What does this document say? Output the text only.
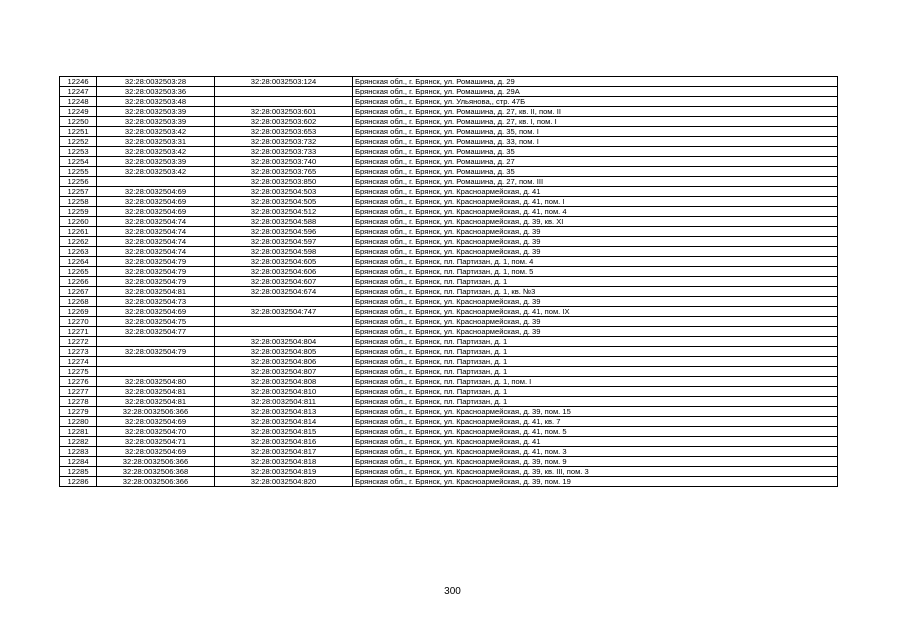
12246	32:28:0032503:28	32:28:0032503:124	Брянская обл., г. Брянск, ул. Ромашина, д. 29
12247	32:28:0032503:36		Брянская обл., г. Брянск, ул. Ромашина, д. 29А
12248	32:28:0032503:48		Брянская обл., г. Брянск, ул. Ульянова,, стр. 47Б
12249	32:28:0032503:39	32:28:0032503:601	Брянская обл., г. Брянск, ул. Ромашина, д. 27, кв. II, пом. II
12250	32:28:0032503:39	32:28:0032503:602	Брянская обл., г. Брянск, ул. Ромашина, д. 27, кв. I, пом. I
12251	32:28:0032503:42	32:28:0032503:653	Брянская обл., г. Брянск, ул. Ромашина, д. 35, пом. I
12252	32:28:0032503:31	32:28:0032503:732	Брянская обл., г. Брянск, ул. Ромашина, д. 33, пом. I
12253	32:28:0032503:42	32:28:0032503:733	Брянская обл., г. Брянск, ул. Ромашина, д. 35
12254	32:28:0032503:39	32:28:0032503:740	Брянская обл., г. Брянск, ул. Ромашина, д. 27
12255	32:28:0032503:42	32:28:0032503:765	Брянская обл., г. Брянск, ул. Ромашина, д. 35
12256		32:28:0032503:850	Брянская обл., г. Брянск, ул. Ромашина, д. 27, пом. III
12257	32:28:0032504:69	32:28:0032504:503	Брянская обл., г. Брянск, ул. Красноармейская, д. 41
12258	32:28:0032504:69	32:28:0032504:505	Брянская обл., г. Брянск, ул. Красноармейская, д. 41, пом. I
12259	32:28:0032504:69	32:28:0032504:512	Брянская обл., г. Брянск, ул. Красноармейская, д. 41, пом. 4
12260	32:28:0032504:74	32:28:0032504:588	Брянская обл., г. Брянск, ул. Красноармейская, д. 39, кв. XI
12261	32:28:0032504:74	32:28:0032504:596	Брянская обл., г. Брянск, ул. Красноармейская, д. 39
12262	32:28:0032504:74	32:28:0032504:597	Брянская обл., г. Брянск, ул. Красноармейская, д. 39
12263	32:28:0032504:74	32:28:0032504:598	Брянская обл., г. Брянск, ул. Красноармейская, д. 39
12264	32:28:0032504:79	32:28:0032504:605	Брянская обл., г. Брянск, пл. Партизан, д. 1, пом. 4
12265	32:28:0032504:79	32:28:0032504:606	Брянская обл., г. Брянск, пл. Партизан, д. 1, пом. 5
12266	32:28:0032504:79	32:28:0032504:607	Брянская обл., г. Брянск, пл. Партизан, д. 1
12267	32:28:0032504:81	32:28:0032504:674	Брянская обл., г. Брянск, пл. Партизан, д. 1, кв. №3
12268	32:28:0032504:73		Брянская обл., г. Брянск, ул. Красноармейская, д. 39
12269	32:28:0032504:69	32:28:0032504:747	Брянская обл., г. Брянск, ул. Красноармейская, д. 41, пом. IX
12270	32:28:0032504:75		Брянская обл., г. Брянск, ул. Красноармейская, д. 39
12271	32:28:0032504:77		Брянская обл., г. Брянск, ул. Красноармейская, д. 39
12272		32:28:0032504:804	Брянская обл., г. Брянск, пл. Партизан, д. 1
12273	32:28:0032504:79	32:28:0032504:805	Брянская обл., г. Брянск, пл. Партизан, д. 1
12274		32:28:0032504:806	Брянская обл., г. Брянск, пл. Партизан, д. 1
12275		32:28:0032504:807	Брянская обл., г. Брянск, пл. Партизан, д. 1
12276	32:28:0032504:80	32:28:0032504:808	Брянская обл., г. Брянск, пл. Партизан, д. 1, пом. I
12277	32:28:0032504:81	32:28:0032504:810	Брянская обл., г. Брянск, пл. Партизан, д. 1
12278	32:28:0032504:81	32:28:0032504:811	Брянская обл., г. Брянск, пл. Партизан, д. 1
12279	32:28:0032506:366	32:28:0032504:813	Брянская обл., г. Брянск, ул. Красноармейская, д. 39, пом. 15
12280	32:28:0032504:69	32:28:0032504:814	Брянская обл., г. Брянск, ул. Красноармейская, д. 41, кв. 7
12281	32:28:0032504:70	32:28:0032504:815	Брянская обл., г. Брянск, ул. Красноармейская, д. 41, пом. 5
12282	32:28:0032504:71	32:28:0032504:816	Брянская обл., г. Брянск, ул. Красноармейская, д. 41
12283	32:28:0032504:69	32:28:0032504:817	Брянская обл., г. Брянск, ул. Красноармейская, д. 41, пом. 3
12284	32:28:0032506:366	32:28:0032504:818	Брянская обл., г. Брянск, ул. Красноармейская, д. 39, пом. 9
12285	32:28:0032506:368	32:28:0032504:819	Брянская обл., г. Брянск, ул. Красноармейская, д. 39, кв. III, пом. 3
12286	32:28:0032506:366	32:28:0032504:820	Брянская обл., г. Брянск, ул. Красноармейская, д. 39, пом. 19
300
